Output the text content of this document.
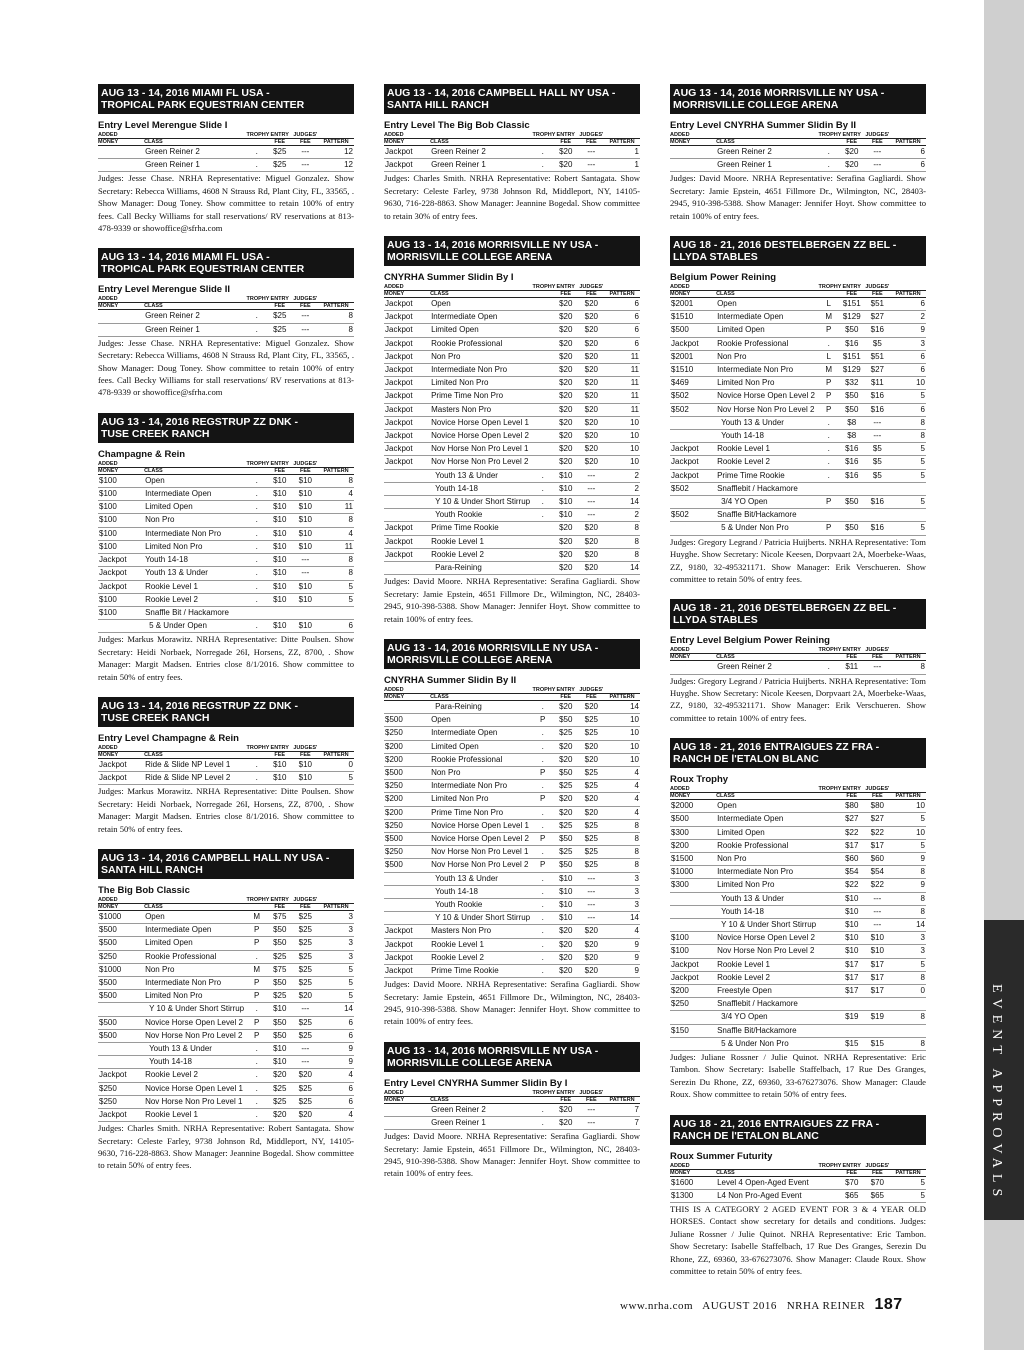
EVENT APPROVALS
AUG 13 - 14, 2016 MIAMI FL USA -
TROPICAL PARK EQUESTRIAN CENTER
Entry Level Merengue Slide I
ADDED		TROPHY	ENTRY	JUDGES'	
MONEY	CLASS		FEE	FEE	PATTERN
	Green Reiner 2	.	$25	---	12
	Green Reiner 1	.	$25	---	12
Judges: Jesse Chase. NRHA Representative: Miguel Gonzalez. Show Secretary: Rebecca Williams, 4608 N Strauss Rd, Plant City, FL, 33565, . Show Manager: Doug Toney. Show committee to retain 100% of entry fees. Call Becky Williams for stall reservations/ RV reservations at 813-478-9339 or showoffice@sfrha.com
AUG 13 - 14, 2016 MIAMI FL USA -
TROPICAL PARK EQUESTRIAN CENTER
Entry Level Merengue Slide II
ADDED		TROPHY	ENTRY	JUDGES'	
MONEY	CLASS		FEE	FEE	PATTERN
	Green Reiner 2	.	$25	---	8
	Green Reiner 1	.	$25	---	8
Judges: Jesse Chase. NRHA Representative: Miguel Gonzalez. Show Secretary: Rebecca Williams, 4608 N Strauss Rd, Plant City, FL, 33565, . Show Manager: Doug Toney. Show committee to retain 100% of entry fees. Call Becky Williams for stall reservations/ RV reservations at 813-478-9339 or showoffice@sfrha.com
AUG 13 - 14, 2016 REGSTRUP ZZ DNK -
TUSE CREEK RANCH
Champagne & Rein
ADDED		TROPHY	ENTRY	JUDGES'	
MONEY	CLASS		FEE	FEE	PATTERN
$100	Open	.	$10	$10	8
$100	Intermediate Open	.	$10	$10	4
$100	Limited Open	.	$10	$10	11
$100	Non Pro	.	$10	$10	8
$100	Intermediate Non Pro	.	$10	$10	4
$100	Limited Non Pro	.	$10	$10	11
Jackpot	Youth 14-18	.	$10	---	8
Jackpot	Youth 13 & Under	.	$10	---	8
Jackpot	Rookie Level 1	.	$10	$10	5
$100	Rookie Level 2	.	$10	$10	5
$100	Snaffle Bit / Hackamore				
	5 & Under Open	.	$10	$10	6
Judges: Markus Morawitz. NRHA Representative: Ditte Poulsen. Show Secretary: Heidi Norbaek, Norregade 26I, Horsens, ZZ, 8700, . Show Manager: Margit Madsen. Entries close 8/1/2016. Show committee to retain 50% of entry fees.
AUG 13 - 14, 2016 REGSTRUP ZZ DNK -
TUSE CREEK RANCH
Entry Level Champagne & Rein
ADDED		TROPHY	ENTRY	JUDGES'	
MONEY	CLASS		FEE	FEE	PATTERN
Jackpot	Ride & Slide NP Level 1	.	$10	$10	0
Jackpot	Ride & Slide NP Level 2	.	$10	$10	5
Judges: Markus Morawitz. NRHA Representative: Ditte Poulsen. Show Secretary: Heidi Norbaek, Norregade 26I, Horsens, ZZ, 8700, . Show Manager: Margit Madsen. Entries close 8/1/2016. Show committee to retain 50% of entry fees.
AUG 13 - 14, 2016 CAMPBELL HALL NY USA -
SANTA HILL RANCH
The Big Bob Classic
ADDED		TROPHY	ENTRY	JUDGES'	
MONEY	CLASS		FEE	FEE	PATTERN
$1000	Open	M	$75	$25	3
$500	Intermediate Open	P	$50	$25	3
$500	Limited Open	P	$50	$25	3
$250	Rookie Professional	.	$25	$25	3
$1000	Non Pro	M	$75	$25	5
$500	Intermediate Non Pro	P	$50	$25	5
$500	Limited Non Pro	P	$25	$20	5
	Y 10 & Under Short Stirrup	.	$10	---	14
$500	Novice Horse Open Level 2	P	$50	$25	6
$500	Nov Horse Non Pro Level 2	P	$50	$25	6
	Youth 13 & Under	.	$10	---	9
	Youth 14-18	.	$10	---	9
Jackpot	Rookie Level 2	.	$20	$20	4
$250	Novice Horse Open Level 1	.	$25	$25	6
$250	Nov Horse Non Pro Level 1	.	$25	$25	6
Jackpot	Rookie Level 1	.	$20	$20	4
Judges: Charles Smith. NRHA Representative: Robert Santagata. Show Secretary: Celeste Farley, 9738 Johnson Rd, Middleport, NY, 14105-9630, 716-228-8863. Show Manager: Jeannine Bogedal. Show committee to retain 50% of entry fees.
AUG 13 - 14, 2016 CAMPBELL HALL NY USA -
SANTA HILL RANCH
Entry Level The Big Bob Classic
ADDED		TROPHY	ENTRY	JUDGES'	
MONEY	CLASS		FEE	FEE	PATTERN
Jackpot	Green Reiner 2	.	$20	---	1
Jackpot	Green Reiner 1	.	$20	---	1
Judges: Charles Smith. NRHA Representative: Robert Santagata. Show Secretary: Celeste Farley, 9738 Johnson Rd, Middleport, NY, 14105-9630, 716-228-8863. Show Manager: Jeannine Bogedal. Show committee to retain 30% of entry fees.
AUG 13 - 14, 2016 MORRISVILLE NY USA -
MORRISVILLE COLLEGE ARENA
CNYRHA Summer Slidin By I
ADDED		TROPHY	ENTRY	JUDGES'	
MONEY	CLASS		FEE	FEE	PATTERN
Jackpot	Open		$20	$20	6
Jackpot	Intermediate Open		$20	$20	6
Jackpot	Limited Open		$20	$20	6
Jackpot	Rookie Professional		$20	$20	6
Jackpot	Non Pro		$20	$20	11
Jackpot	Intermediate Non Pro		$20	$20	11
Jackpot	Limited Non Pro		$20	$20	11
Jackpot	Prime Time Non Pro		$20	$20	11
Jackpot	Masters Non Pro		$20	$20	11
Jackpot	Novice Horse Open Level 1		$20	$20	10
Jackpot	Novice Horse Open Level 2		$20	$20	10
Jackpot	Nov Horse Non Pro Level 1		$20	$20	10
Jackpot	Nov Horse Non Pro Level 2		$20	$20	10
	Youth 13 & Under	.	$10	---	2
	Youth 14-18	.	$10	---	2
	Y 10 & Under Short Stirrup	.	$10	---	14
	Youth Rookie	.	$10	---	2
Jackpot	Prime Time Rookie		$20	$20	8
Jackpot	Rookie Level 1		$20	$20	8
Jackpot	Rookie Level 2		$20	$20	8
	Para-Reining		$20	$20	14
Judges: David Moore. NRHA Representative: Serafina Gagliardi. Show Secretary: Jamie Epstein, 4651 Fillmore Dr., Wilmington, NC, 28403-2945, 910-398-5388. Show Manager: Jennifer Hoyt. Show committee to retain 100% of entry fees.
AUG 13 - 14, 2016 MORRISVILLE NY USA -
MORRISVILLE COLLEGE ARENA
CNYRHA Summer Slidin By II
ADDED		TROPHY	ENTRY	JUDGES'	
MONEY	CLASS		FEE	FEE	PATTERN
	Para-Reining	.	$20	$20	14
$500	Open	P	$50	$25	10
$250	Intermediate Open	.	$25	$25	10
$200	Limited Open	.	$20	$20	10
$200	Rookie Professional	.	$20	$20	10
$500	Non Pro	P	$50	$25	4
$250	Intermediate Non Pro	.	$25	$25	4
$200	Limited Non Pro	P	$20	$20	4
$200	Prime Time Non Pro	.	$20	$20	4
$250	Novice Horse Open Level 1	.	$25	$25	8
$500	Novice Horse Open Level 2	P	$50	$25	8
$250	Nov Horse Non Pro Level 1	.	$25	$25	8
$500	Nov Horse Non Pro Level 2	P	$50	$25	8
	Youth 13 & Under	.	$10	---	3
	Youth 14-18	.	$10	---	3
	Youth Rookie	.	$10	---	3
	Y 10 & Under Short Stirrup	.	$10	---	14
Jackpot	Masters Non Pro	.	$20	$20	4
Jackpot	Rookie Level 1	.	$20	$20	9
Jackpot	Rookie Level 2	.	$20	$20	9
Jackpot	Prime Time Rookie	.	$20	$20	9
Judges: David Moore. NRHA Representative: Serafina Gagliardi. Show Secretary: Jamie Epstein, 4651 Fillmore Dr., Wilmington, NC, 28403-2945, 910-398-5388. Show Manager: Jennifer Hoyt. Show committee to retain 100% of entry fees.
AUG 13 - 14, 2016 MORRISVILLE NY USA -
MORRISVILLE COLLEGE ARENA
Entry Level CNYRHA Summer Slidin By I
ADDED		TROPHY	ENTRY	JUDGES'	
MONEY	CLASS		FEE	FEE	PATTERN
	Green Reiner 2	.	$20	---	7
	Green Reiner 1	.	$20	---	7
Judges: David Moore. NRHA Representative: Serafina Gagliardi. Show Secretary: Jamie Epstein, 4651 Fillmore Dr., Wilmington, NC, 28403-2945, 910-398-5388. Show Manager: Jennifer Hoyt. Show committee to retain 100% of entry fees.
AUG 13 - 14, 2016 MORRISVILLE NY USA -
MORRISVILLE COLLEGE ARENA
Entry Level CNYRHA Summer Slidin By II
ADDED		TROPHY	ENTRY	JUDGES'	
MONEY	CLASS		FEE	FEE	PATTERN
	Green Reiner 2	.	$20	---	6
	Green Reiner 1	.	$20	---	6
Judges: David Moore. NRHA Representative: Serafina Gagliardi. Show Secretary: Jamie Epstein, 4651 Fillmore Dr., Wilmington, NC, 28403-2945, 910-398-5388. Show Manager: Jennifer Hoyt. Show committee to retain 100% of entry fees.
AUG 18 - 21, 2016 DESTELBERGEN ZZ BEL -
LLYDA STABLES
Belgium Power Reining
ADDED		TROPHY	ENTRY	JUDGES'	
MONEY	CLASS		FEE	FEE	PATTERN
$2001	Open	L	$151	$51	6
$1510	Intermediate Open	M	$129	$27	2
$500	Limited Open	P	$50	$16	9
Jackpot	Rookie Professional	.	$16	$5	3
$2001	Non Pro	L	$151	$51	6
$1510	Intermediate Non Pro	M	$129	$27	6
$469	Limited Non Pro	P	$32	$11	10
$502	Novice Horse Open Level 2	P	$50	$16	5
$502	Nov Horse Non Pro Level 2	P	$50	$16	6
	Youth 13 & Under	.	$8	---	8
	Youth 14-18	.	$8	---	8
Jackpot	Rookie Level 1	.	$16	$5	5
Jackpot	Rookie Level 2	.	$16	$5	5
Jackpot	Prime Time Rookie	.	$16	$5	5
$502	Snafflebit / Hackamore				
	3/4 YO Open	P	$50	$16	5
$502	Snaffle Bit/Hackamore				
	5 & Under Non Pro	P	$50	$16	5
Judges: Gregory Legrand / Patricia Huijberts. NRHA Representative: Tom Huyghe. Show Secretary: Nicole Keesen, Dorpvaart 2A, Moerbeke-Waas, ZZ, 9180, 32-495321171. Show Manager: Erik Verschueren. Show committee to retain 50% of entry fees.
AUG 18 - 21, 2016 DESTELBERGEN ZZ BEL -
LLYDA STABLES
Entry Level Belgium Power Reining
ADDED		TROPHY	ENTRY	JUDGES'	
MONEY	CLASS		FEE	FEE	PATTERN
	Green Reiner 2	.	$11	---	8
Judges: Gregory Legrand / Patricia Huijberts. NRHA Representative: Tom Huyghe. Show Secretary: Nicole Keesen, Dorpvaart 2A, Moerbeke-Waas, ZZ, 9180, 32-495321171. Show Manager: Erik Verschueren. Show committee to retain 100% of entry fees.
AUG 18 - 21, 2016 ENTRAIGUES ZZ FRA -
RANCH DE l'ETALON BLANC
Roux Trophy
ADDED		TROPHY	ENTRY	JUDGES'	
MONEY	CLASS		FEE	FEE	PATTERN
$2000	Open		$80	$80	10
$500	Intermediate Open		$27	$27	5
$300	Limited Open		$22	$22	10
$200	Rookie Professional		$17	$17	5
$1500	Non Pro		$60	$60	9
$1000	Intermediate Non Pro		$54	$54	8
$300	Limited Non Pro		$22	$22	9
	Youth 13 & Under		$10	---	8
	Youth 14-18		$10	---	8
	Y 10 & Under Short Stirrup		$10	---	14
$100	Novice Horse Open Level 2		$10	$10	3
$100	Nov Horse Non Pro Level 2		$10	$10	3
Jackpot	Rookie Level 1		$17	$17	5
Jackpot	Rookie Level 2		$17	$17	8
$200	Freestyle Open		$17	$17	0
$250	Snafflebit / Hackamore				
	3/4 YO Open		$19	$19	8
$150	Snaffle Bit/Hackamore				
	5 & Under Non Pro		$15	$15	8
Judges: Juliane Rossner / Julie Quinot. NRHA Representative: Eric Tambon. Show Secretary: Isabelle Staffelbach, 17 Rue Des Granges, Serezin Du Rhone, ZZ, 69360, 33-676273076. Show Manager: Claude Roux. Show committee to retain 50% of entry fees.
AUG 18 - 21, 2016 ENTRAIGUES ZZ FRA -
RANCH DE l'ETALON BLANC
Roux Summer Futurity
ADDED		TROPHY	ENTRY	JUDGES'	
MONEY	CLASS		FEE	FEE	PATTERN
$1600	Level 4 Open-Aged Event		$70	$70	5
$1300	L4 Non Pro-Aged Event		$65	$65	5
THIS IS A CATEGORY 2 AGED EVENT FOR 3 & 4 YEAR OLD HORSES. Contact show secretary for details and conditions. Judges: Juliane Rossner / Julie Quinot. NRHA Representative: Eric Tambon. Show Secretary: Isabelle Staffelbach, 17 Rue Des Granges, Serezin Du Rhone, ZZ, 69360, 33-676273076. Show Manager: Claude Roux. Show committee to retain 50% of entry fees.
www.nrha.com AUGUST 2016 NRHA REINER 187
